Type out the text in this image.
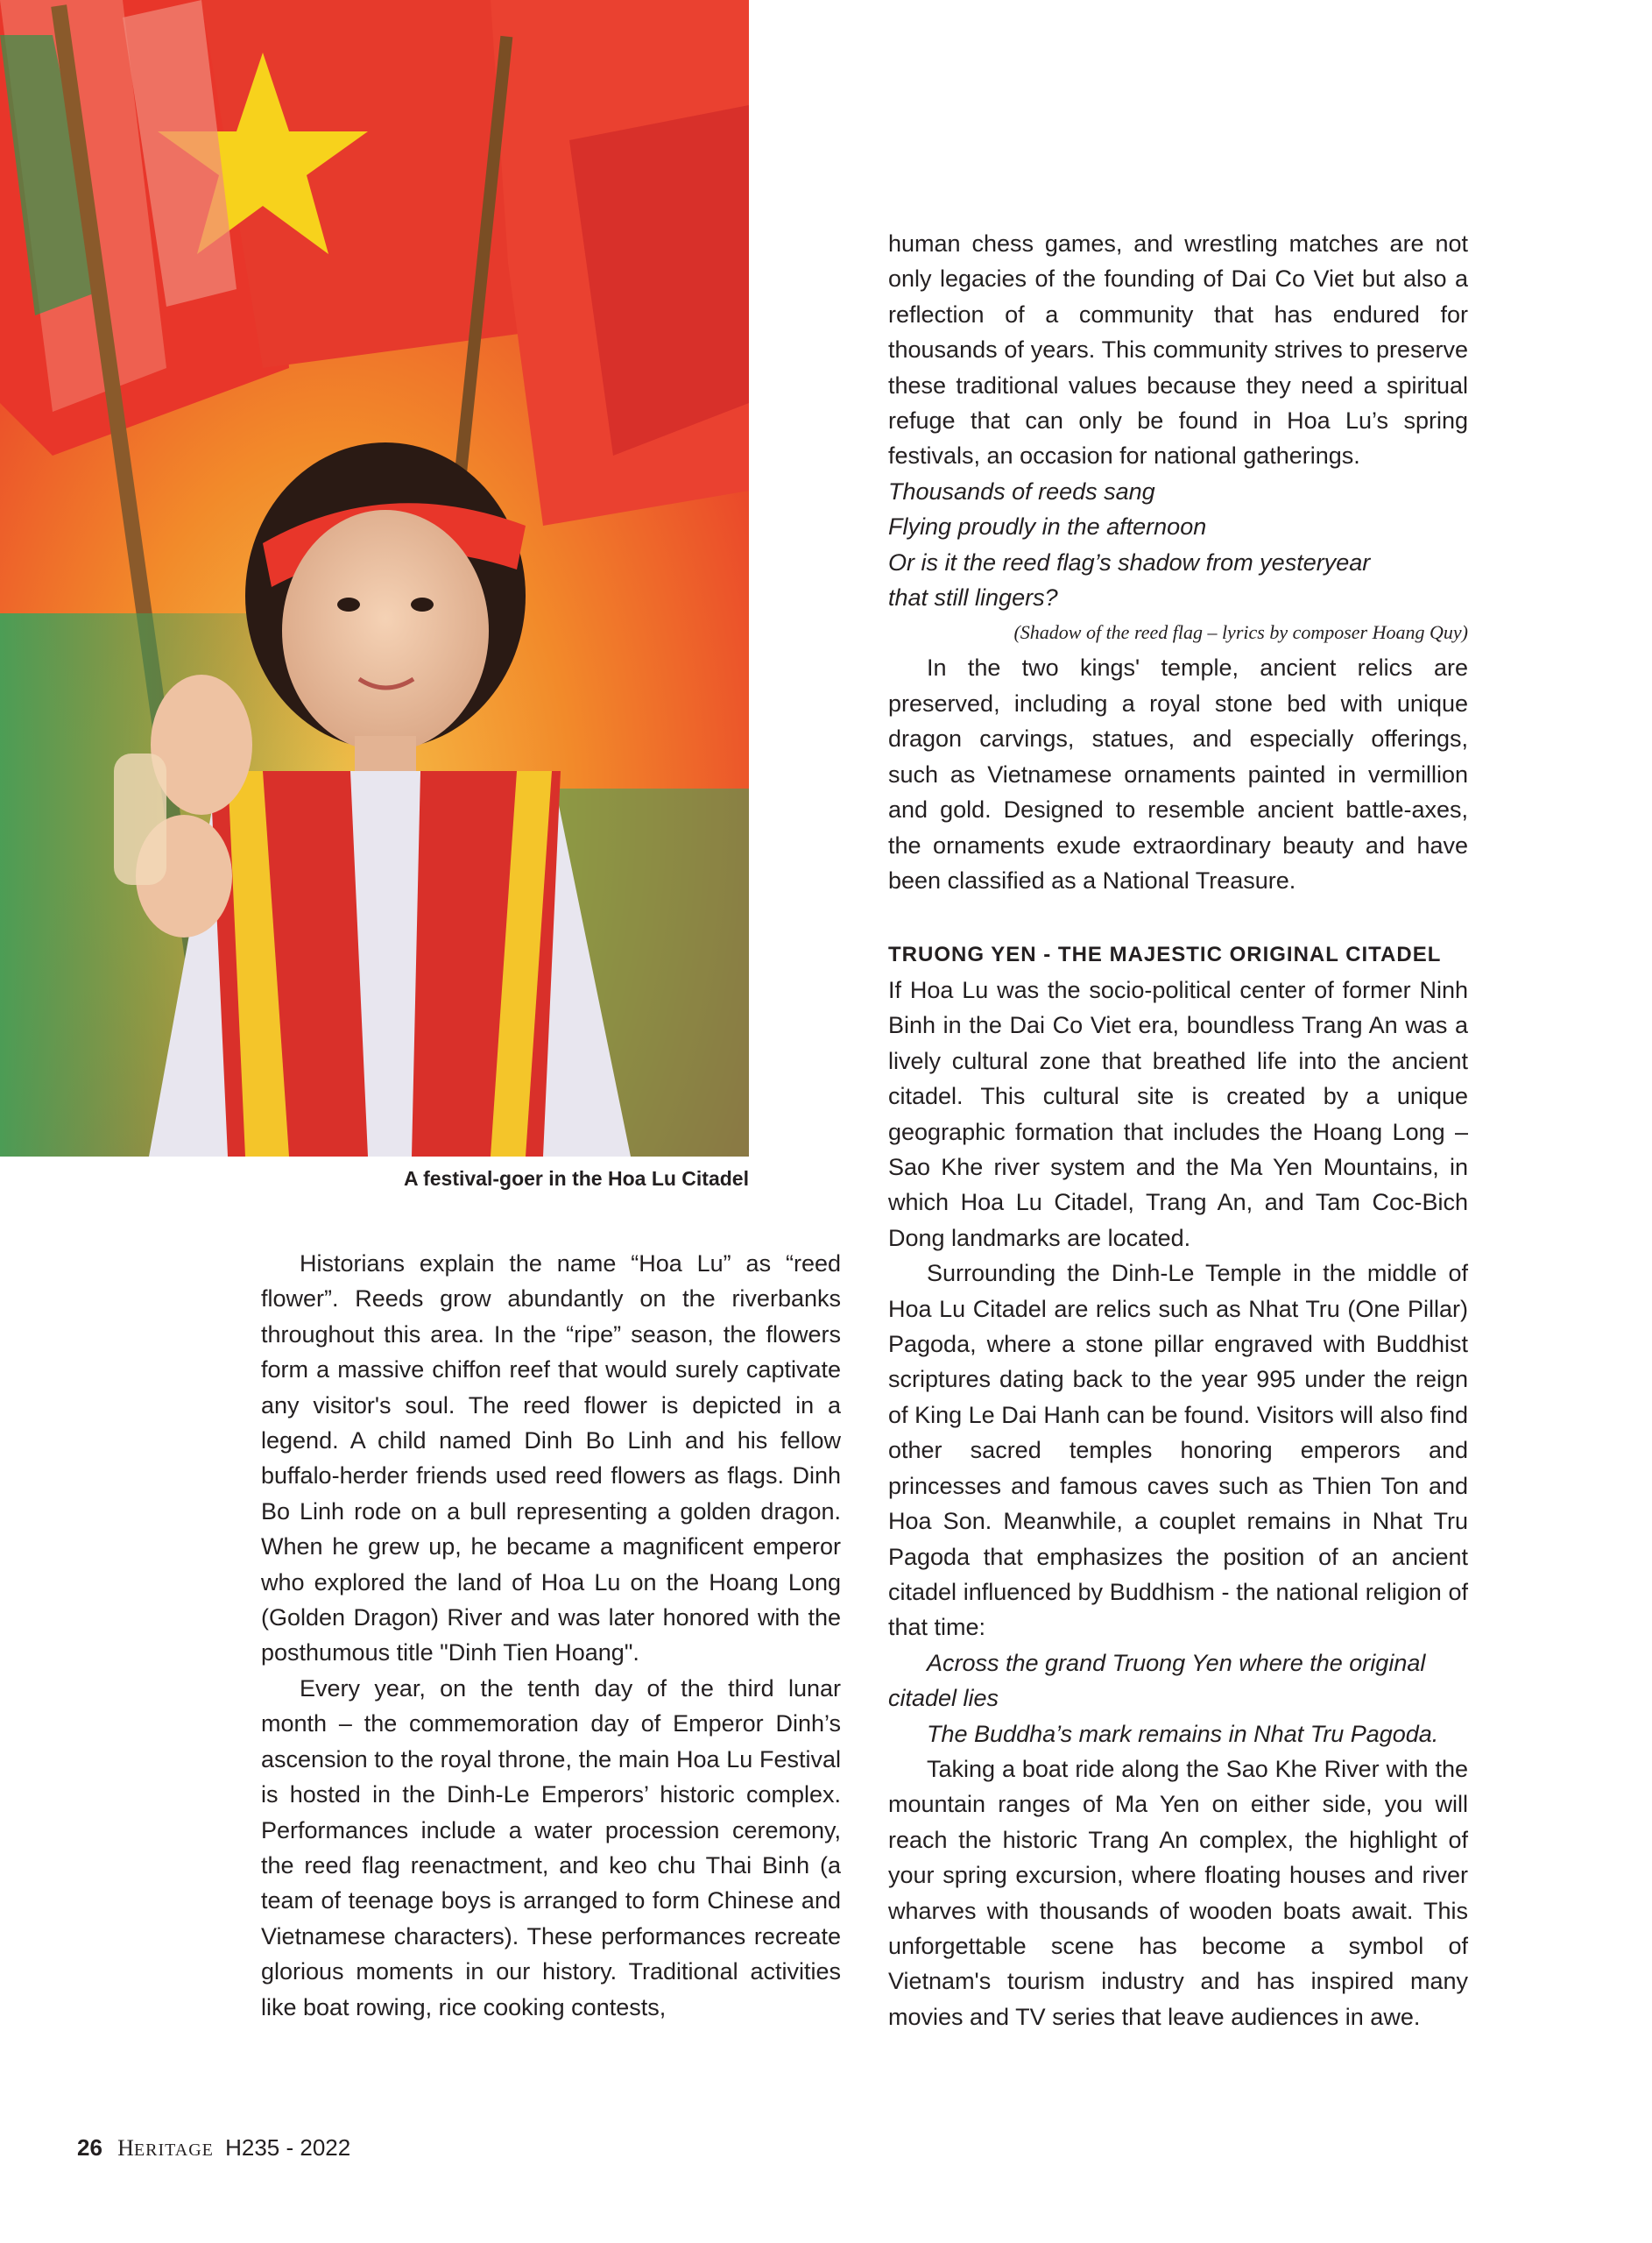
A festival-goer in the Hoa Lu Citadel

Historians explain the name “Hoa Lu” as “reed flower”. Reeds grow abundantly on the riverbanks throughout this area. In the “ripe” season, the flowers form a massive chiffon reef that would surely captivate any visitor's soul. The reed flower is depicted in a legend. A child named Dinh Bo Linh and his fellow buffalo-herder friends used reed flowers as flags. Dinh Bo Linh rode on a bull representing a golden dragon. When he grew up, he became a magnificent emperor who explored the land of Hoa Lu on the Hoang Long (Golden Dragon) River and was later honored with the posthumous title "Dinh Tien Hoang".

Every year, on the tenth day of the third lunar month – the commemoration day of Emperor Dinh’s ascension to the royal throne, the main Hoa Lu Festival is hosted in the Dinh-Le Emperors’ historic complex. Performances include a water procession ceremony, the reed flag reenactment, and keo chu Thai Binh (a team of teenage boys is arranged to form Chinese and Vietnamese characters). These performances recreate glorious moments in our history. Traditional activities like boat rowing, rice cooking contests,

human chess games, and wrestling matches are not only legacies of the founding of Dai Co Viet but also a reflection of a community that has endured for thousands of years. This community strives to preserve these traditional values because they need a spiritual refuge that can only be found in Hoa Lu’s spring festivals, an occasion for national gatherings.

Thousands of reeds sang

Flying proudly in the afternoon

Or is it the reed flag’s shadow from yesteryear

that still lingers?

(Shadow of the reed flag – lyrics by composer Hoang Quy)

In the two kings' temple, ancient relics are preserved, including a royal stone bed with unique dragon carvings, statues, and especially offerings, such as Vietnamese ornaments painted in vermillion and gold. Designed to resemble ancient battle-axes, the ornaments exude extraordinary beauty and have been classified as a National Treasure.

TRUONG YEN - THE MAJESTIC ORIGINAL CITADEL

If Hoa Lu was the socio-political center of former Ninh Binh in the Dai Co Viet era, boundless Trang An was a lively cultural zone that breathed life into the ancient citadel. This cultural site is created by a unique geographic formation that includes the Hoang Long – Sao Khe river system and the Ma Yen Mountains, in which Hoa Lu Citadel, Trang An, and Tam Coc-Bich Dong landmarks are located.

Surrounding the Dinh-Le Temple in the middle of Hoa Lu Citadel are relics such as Nhat Tru (One Pillar) Pagoda, where a stone pillar engraved with Buddhist scriptures dating back to the year 995 under the reign of King Le Dai Hanh can be found. Visitors will also find other sacred temples honoring emperors and princesses and famous caves such as Thien Ton and Hoa Son. Meanwhile, a couplet remains in Nhat Tru Pagoda that emphasizes the position of an ancient citadel influenced by Buddhism - the national religion of that time:

Across the grand Truong Yen where the original citadel lies

The Buddha’s mark remains in Nhat Tru Pagoda.

Taking a boat ride along the Sao Khe River with the mountain ranges of Ma Yen on either side, you will reach the historic Trang An complex, the highlight of your spring excursion, where floating houses and river wharves with thousands of wooden boats await. This unforgettable scene has become a symbol of Vietnam's tourism industry and has inspired many movies and TV series that leave audiences in awe.

26 HERITAGE H235 - 2022
